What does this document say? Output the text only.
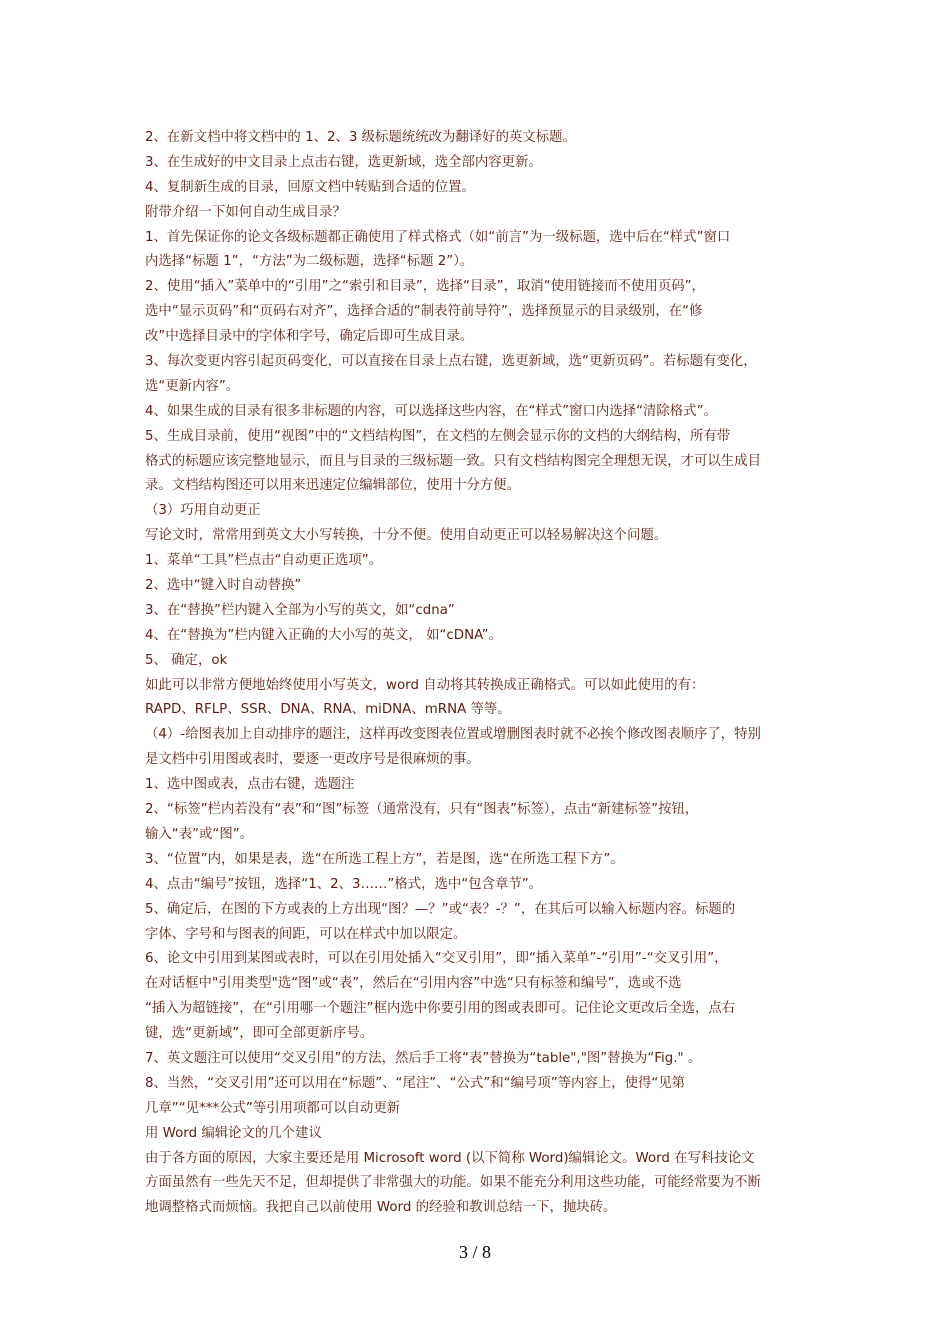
2、在新文档中将文档中的 1、2、3 级标题统统改为翻译好的英文标题。
3、在生成好的中文目录上点击右键，选更新域，选全部内容更新。
4、复制新生成的目录，回原文档中转贴到合适的位置。
附带介绍一下如何自动生成目录？
1、首先保证你的论文各级标题都正确使用了样式格式（如“前言”为一级标题，选中后在“样式”窗口
内选择“标题 1”，“方法”为二级标题，选择“标题 2”）。
2、使用“插入”菜单中的“引用”之“索引和目录”，选择“目录”，取消“使用链接而不使用页码”，
选中“显示页码”和“页码右对齐”，选择合适的“制表符前导符”，选择预显示的目录级别，在“修
改”中选择目录中的字体和字号，确定后即可生成目录。
3、每次变更内容引起页码变化，可以直接在目录上点右键，选更新域，选“更新页码”。若标题有变化，
选“更新内容”。
4、如果生成的目录有很多非标题的内容，可以选择这些内容，在“样式”窗口内选择“清除格式”。
5、生成目录前，使用“视图”中的“文档结构图”，在文档的左侧会显示你的文档的大纲结构，所有带
格式的标题应该完整地显示，而且与目录的三级标题一致。只有文档结构图完全理想无误，才可以生成目
录。文档结构图还可以用来迅速定位编辑部位，使用十分方便。
（3）巧用自动更正
写论文时，常常用到英文大小写转换，十分不便。使用自动更正可以轻易解决这个问题。
1、菜单“工具”栏点击“自动更正选项”。
2、选中“键入时自动替换”
3、在“替换”栏内键入全部为小写的英文，如“cdna”
4、在“替换为”栏内键入正确的大小写的英文， 如“cDNA”。
5、 确定，ok
如此可以非常方便地始终使用小写英文，word 自动将其转换成正确格式。可以如此使用的有：
RAPD、RFLP、SSR、DNA、RNA、miDNA、mRNA 等等。
（4）-给图表加上自动排序的题注，这样再改变图表位置或增删图表时就不必挨个修改图表顺序了，特别
是文档中引用图或表时，要逐一更改序号是很麻烦的事。
1、选中图或表，点击右键，选题注
2、“标签”栏内若没有“表”和“图”标签（通常没有，只有“图表”标签），点击“新建标签”按钮，
输入“表”或“图”。
3、“位置”内，如果是表，选“在所选工程上方”，若是图，选“在所选工程下方”。
4、点击“编号”按钮，选择“1、2、3……”格式，选中“包含章节”。
5、确定后，在图的下方或表的上方出现“图？—？”或“表？-？”，在其后可以输入标题内容。标题的
字体、字号和与图表的间距，可以在样式中加以限定。
6、论文中引用到某图或表时，可以在引用处插入“交叉引用”，即“插入菜单”-“引用”-“交叉引用”，
在对话框中"引用类型"选“图”或“表”，然后在“引用内容”中选“只有标签和编号”，选或不选
“插入为超链接”，在“引用哪一个题注”框内选中你要引用的图或表即可。记住论文更改后全选，点右
键，选“更新域”，即可全部更新序号。
7、英文题注可以使用“交叉引用”的方法，然后手工将“表”替换为“table","图”替换为“Fig." 。
8、当然，“交叉引用”还可以用在“标题”、“尾注”、“公式”和“编号项”等内容上，使得“见第
几章”“见***公式”等引用项都可以自动更新
用 Word 编辑论文的几个建议
由于各方面的原因，大家主要还是用 Microsoft word (以下简称 Word)编辑论文。Word 在写科技论文
方面虽然有一些先天不足，但却提供了非常强大的功能。如果不能充分利用这些功能，可能经常要为不断
地调整格式而烦恼。我把自己以前使用 Word 的经验和教训总结一下，抛块砖。
3 / 8
